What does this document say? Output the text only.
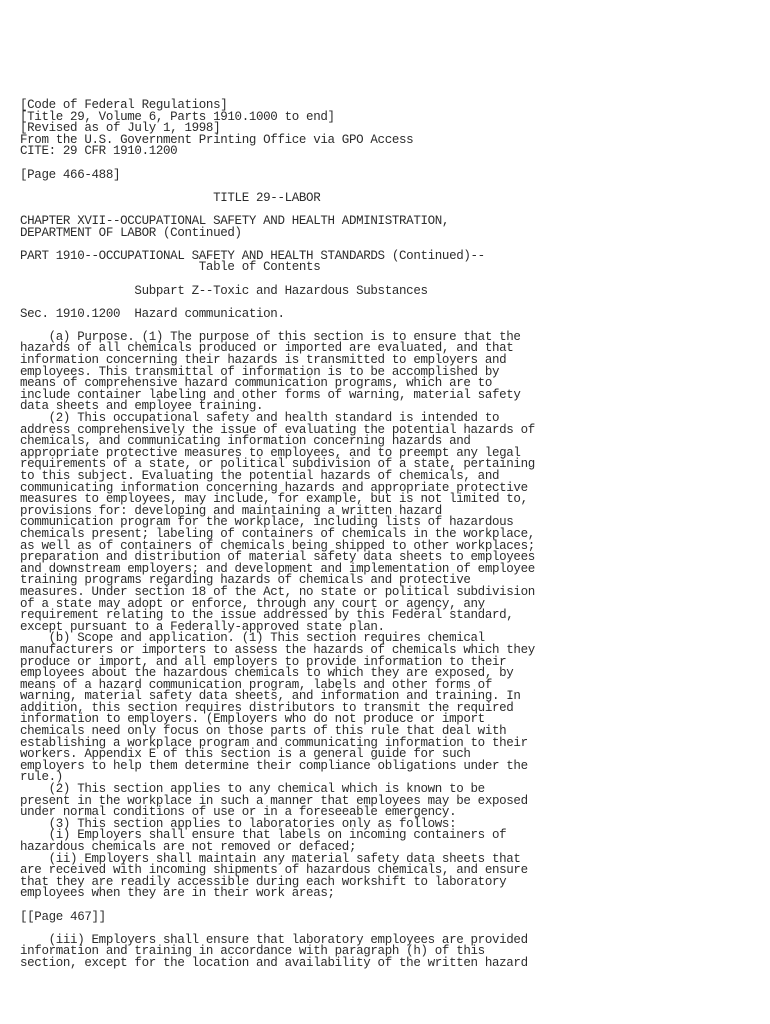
[Code of Federal Regulations]
[Title 29, Volume 6, Parts 1910.1000 to end]
[Revised as of July 1, 1998]
From the U.S. Government Printing Office via GPO Access
CITE: 29 CFR 1910.1200
[Page 466-488]
TITLE 29--LABOR
CHAPTER XVII--OCCUPATIONAL SAFETY AND HEALTH ADMINISTRATION,
DEPARTMENT OF LABOR (Continued)
PART 1910--OCCUPATIONAL SAFETY AND HEALTH STANDARDS (Continued)--
Table of Contents
Subpart Z--Toxic and Hazardous Substances
Sec. 1910.1200  Hazard communication.
(a) Purpose. (1) The purpose of this section is to ensure that the
hazards of all chemicals produced or imported are evaluated, and that
information concerning their hazards is transmitted to employers and
employees. This transmittal of information is to be accomplished by
means of comprehensive hazard communication programs, which are to
include container labeling and other forms of warning, material safety
data sheets and employee training.
(2) This occupational safety and health standard is intended to
address comprehensively the issue of evaluating the potential hazards of
chemicals, and communicating information concerning hazards and
appropriate protective measures to employees, and to preempt any legal
requirements of a state, or political subdivision of a state, pertaining
to this subject. Evaluating the potential hazards of chemicals, and
communicating information concerning hazards and appropriate protective
measures to employees, may include, for example, but is not limited to,
provisions for: developing and maintaining a written hazard
communication program for the workplace, including lists of hazardous
chemicals present; labeling of containers of chemicals in the workplace,
as well as of containers of chemicals being shipped to other workplaces;
preparation and distribution of material safety data sheets to employees
and downstream employers; and development and implementation of employee
training programs regarding hazards of chemicals and protective
measures. Under section 18 of the Act, no state or political subdivision
of a state may adopt or enforce, through any court or agency, any
requirement relating to the issue addressed by this Federal standard,
except pursuant to a Federally-approved state plan.
(b) Scope and application. (1) This section requires chemical
manufacturers or importers to assess the hazards of chemicals which they
produce or import, and all employers to provide information to their
employees about the hazardous chemicals to which they are exposed, by
means of a hazard communication program, labels and other forms of
warning, material safety data sheets, and information and training. In
addition, this section requires distributors to transmit the required
information to employers. (Employers who do not produce or import
chemicals need only focus on those parts of this rule that deal with
establishing a workplace program and communicating information to their
workers. Appendix E of this section is a general guide for such
employers to help them determine their compliance obligations under the
rule.)
(2) This section applies to any chemical which is known to be
present in the workplace in such a manner that employees may be exposed
under normal conditions of use or in a foreseeable emergency.
(3) This section applies to laboratories only as follows:
(i) Employers shall ensure that labels on incoming containers of
hazardous chemicals are not removed or defaced;
(ii) Employers shall maintain any material safety data sheets that
are received with incoming shipments of hazardous chemicals, and ensure
that they are readily accessible during each workshift to laboratory
employees when they are in their work areas;
[[Page 467]]
(iii) Employers shall ensure that laboratory employees are provided
information and training in accordance with paragraph (h) of this
section, except for the location and availability of the written hazard
